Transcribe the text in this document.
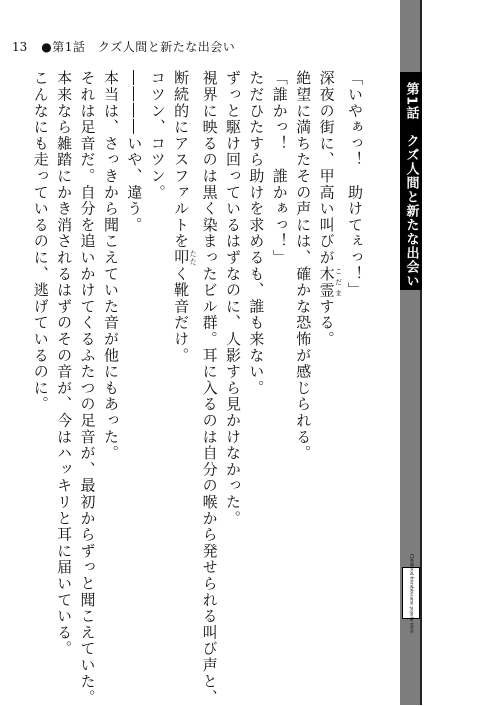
13 ●第1話　クズ人間と新たな出会い
「いやぁっ！　助けてぇっ！」
深夜の街に、甲高い叫びが木霊 こだまする。
絶望に満ちたその声には、確かな恐怖が感じられる。
「誰かっ！　誰かぁっ！」
ただひたすら助けを求めるも、誰も来ない。
ずっと駆け回っているはずなのに、人影すら見かけなかった。
視界に映るのは黒く染まったビル群。耳に入るのは自分の喉から発せられる叫び声と、
断続的にアスファルトを叩 たたく靴音だけ。
コツン、コツン。
――――いや、違う。
本当は、さっきから聞こえていた音が他にもあった。
それは足音だ。自分を追いかけてくるふたつの足音が、最初からずっと聞こえていた。
本来なら雑踏にかき消されるはずのその音が、今はハッキリと耳に届いている。
こんなにも走っているのに、逃げているのに。	第1話
クズ人間と新たな出会い
Childhood friends
became popular idols
